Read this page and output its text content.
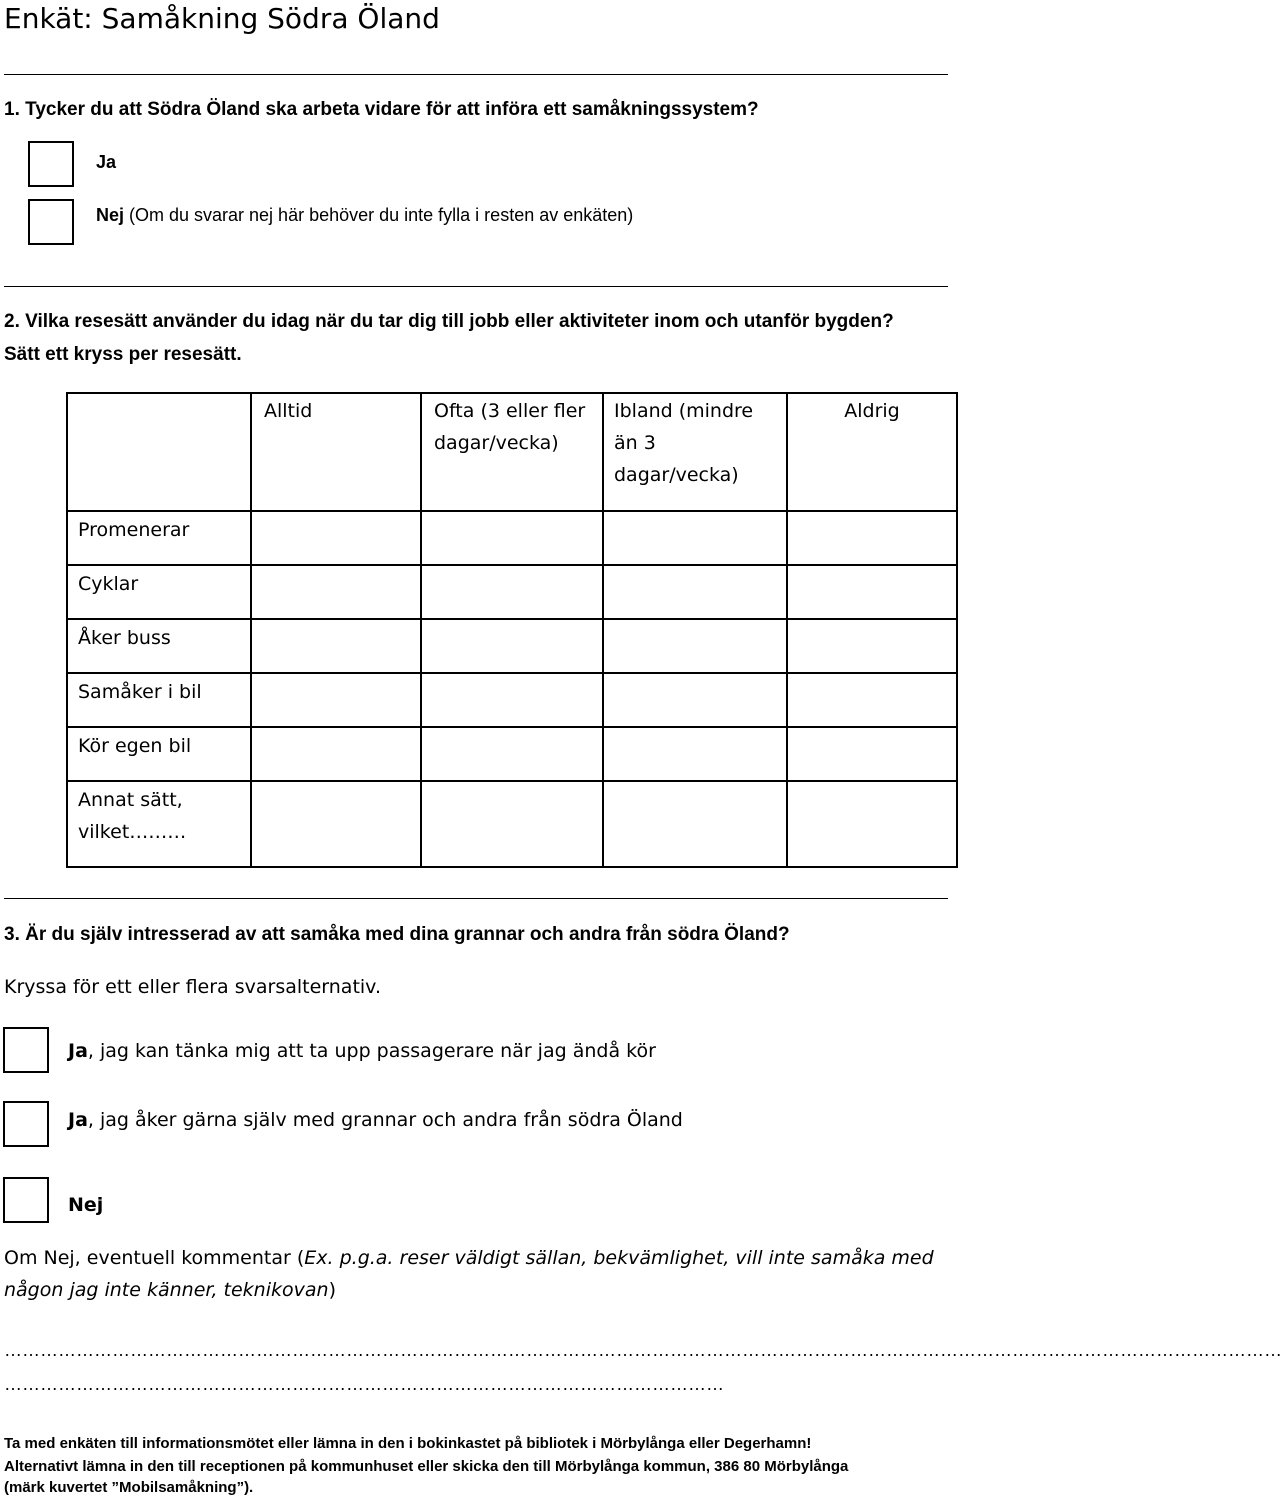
Enkät: Samåkning Södra Öland
1. Tycker du att Södra Öland ska arbeta vidare för att införa ett samåkningssystem?
Ja
Nej (Om du svarar nej här behöver du inte fylla i resten av enkäten)
2. Vilka resesätt använder du idag när du tar dig till jobb eller aktiviteter inom och utanför bygden?
Sätt ett kryss per resesätt.
	Alltid	Ofta (3 eller fler
dagar/vecka)	Ibland (mindre
än 3
dagar/vecka)	Aldrig
Promenerar				
Cyklar				
Åker buss				
Samåker i bil				
Kör egen bil				
Annat sätt,
vilket………				
3. Är du själv intresserad av att samåka med dina grannar och andra från södra Öland?
Kryssa för ett eller flera svarsalternativ.
Ja, jag kan tänka mig att ta upp passagerare när jag ändå kör
Ja, jag åker gärna själv med grannar och andra från södra Öland
Nej
Om Nej, eventuell kommentar (Ex. p.g.a. reser väldigt sällan, bekvämlighet, vill inte samåka med
någon jag inte känner, teknikovan)
……………………………………………………………………………………………………………………………………………………………………………………………
…………………………………………………………………………………………………………
Ta med enkäten till informationsmötet eller lämna in den i bokinkastet på bibliotek i Mörbylånga eller Degerhamn!
Alternativt lämna in den till receptionen på kommunhuset eller skicka den till Mörbylånga kommun, 386 80 Mörbylånga
(märk kuvertet ”Mobilsamåkning”).
